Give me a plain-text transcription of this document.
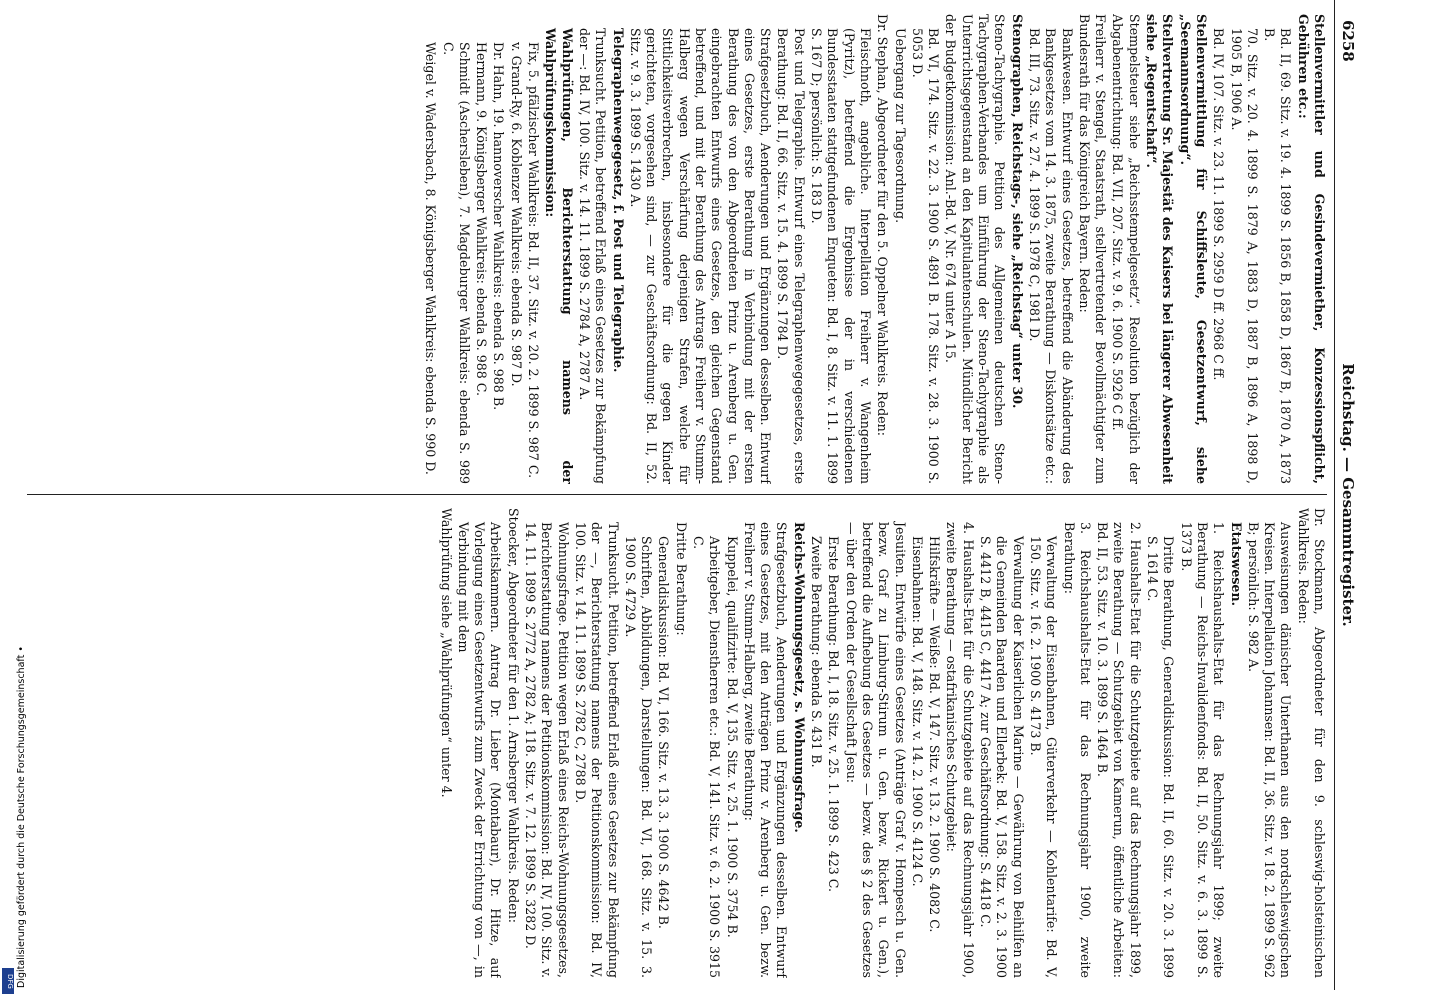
Digitalisierung gefördert durch die Deutsche Forschungsgemeinschaft •
DFG
6258
Reichstag. — Gesammtregister.

Stellenvermittler und Gesindevermiether, Konzessionspflicht, Gebühren etc.:

Bd. II, 69. Sitz. v. 19. 4. 1899 S. 1856 B, 1858 D, 1867 B, 1870 A, 1873 B.

70. Sitz. v. 20. 4. 1899 S. 1879 A, 1883 D, 1887 B, 1896 A, 1898 D, 1905 B, 1906 A.

Bd. IV, 107. Sitz. v. 23. 11. 1899 S. 2959 D ff. 2968 C ff.

Stellenvermittlung für Schiffsleute, Gesetzentwurf, siehe „Seemannsordnung“.

Stellvertretung Sr. Majestät des Kaisers bei längerer Abwesenheit siehe „Regentschaft“.

Stempelsteuer siehe „Reichsstempelgesetz“. Resolution bezüglich der Abgabenentrichtung: Bd. VII, 207. Sitz. v. 9. 6. 1900 S. 5926 C ff.

Freiherr v. Stengel, Staatsrath, stellvertretender Bevollmächtigter zum Bundesrath für das Königreich Bayern. Reden:

Bankwesen. Entwurf eines Gesetzes, betreffend die Abänderung des Bankgesetzes vom 14. 3. 1875, zweite Berathung — Diskontsätze etc.: Bd. III, 73. Sitz. v. 27. 4. 1899 S. 1978 C, 1981 D.

Stenographen, Reichstags-, siehe „Reichstag“ unter 30.

Steno-Tachygraphie. Petition des Allgemeinen deutschen Steno-Tachygraphen-Verbandes um Einführung der Steno-Tachygraphie als Unterrichtsgegenstand an den Kapitulantenschulen. Mündlicher Bericht der Budgetkommission: Anl.-Bd. V, Nr. 674 unter A 15.

Bd. VI, 174. Sitz. v. 22. 3. 1900 S. 4891 B. 178. Sitz. v. 28. 3. 1900 S. 5053 D.

Uebergang zur Tagesordnung.

Dr. Stephan, Abgeordneter für den 5. Oppelner Wahlkreis. Reden:

Fleischnoth, angebliche. Interpellation Freiherr v. Wangenheim (Pyritz), betreffend die Ergebnisse der in verschiedenen Bundesstaaten stattgefundenen Enqueten: Bd. I, 8. Sitz. v. 11. 1. 1899 S. 167 D; persönlich: S. 183 D.

Post und Telegraphie. Entwurf eines Telegraphenwegegesetzes, erste Berathung: Bd. II, 66. Sitz. v. 15. 4. 1899 S. 1784 D.

Strafgesetzbuch, Aenderungen und Ergänzungen desselben. Entwurf eines Gesetzes, erste Berathung in Verbindung mit der ersten Berathung des von den Abgeordneten Prinz u. Arenberg u. Gen. eingebrachten Entwurfs eines Gesetzes, den gleichen Gegenstand betreffend, und mit der Berathung des Antrags Freiherr v. Stumm-Halberg wegen Verschärfung derjenigen Strafen, welche für Sittlichkeitsverbrechen, insbesondere für die gegen Kinder gerichteten, vorgesehen sind, — zur Geschäftsordnung: Bd. II, 52. Sitz. v. 9. 3. 1899 S. 1430 A.

Telegraphenwegegesetz, f. Post und Telegraphie.

Trunksucht. Petition, betreffend Erlaß eines Gesetzes zur Bekämpfung der —: Bd. IV, 100. Sitz. v. 14. 11. 1899 S. 2784 A, 2787 A.

Wahlprüfungen, Berichterstattung namens der Wahlprüfungskommission:

Fix, 5. pfälzischer Wahlkreis: Bd. II, 37. Sitz. v. 20. 2. 1899 S. 987 C.

v. Grand-Ry, 6. Koblenzer Wahlkreis: ebenda S. 987 D.

Dr. Hahn, 19. hannoverscher Wahlkreis: ebenda S. 988 B.

Hermann, 9. Königsberger Wahlkreis: ebenda S. 988 C.

Schmidt (Aschersleben), 7. Magdeburger Wahlkreis: ebenda S. 989 C.

Weigel v. Wadersbach, 8. Königsberger Wahlkreis: ebenda S. 990 D.

Dr. Stockmann, Abgeordneter für den 9. schleswig-holsteinischen Wahlkreis. Reden:

Ausweisungen dänischer Unterthanen aus den nordschleswigschen Kreisen. Interpellation Johannsen: Bd. II, 36. Sitz. v. 18. 2. 1899 S. 962 B; persönlich: S. 982 A.

Etatswesen.

1. Reichshaushalts-Etat für das Rechnungsjahr 1899; zweite Berathung — Reichs-Invalidenfonds: Bd. II, 50. Sitz. v. 6. 3. 1899 S. 1373 B.

Dritte Berathung, Generaldiskussion: Bd. II, 60. Sitz. v. 20. 3. 1899 S. 1614 C.

2. Haushalts-Etat für die Schutzgebiete auf das Rechnungsjahr 1899, zweite Berathung — Schutzgebiet von Kamerun, öffentliche Arbeiten: Bd. II, 53. Sitz. v. 10. 3. 1899 S. 1464 B.

3. Reichshaushalts-Etat für das Rechnungsjahr 1900, zweite Berathung:

Verwaltung der Eisenbahnen, Güterverkehr — Kohlentarife: Bd. V, 150. Sitz. v. 16. 2. 1900 S. 4173 B.

Verwaltung der Kaiserlichen Marine — Gewährung von Beihilfen an die Gemeinden Baarden und Ellerbek: Bd. V, 158. Sitz. v. 2. 3. 1900 S. 4412 B, 4415 C, 4417 A; zur Geschäftsordnung: S. 4418 C.

4. Haushalts-Etat für die Schutzgebiete auf das Rechnungsjahr 1900, zweite Berathung — ostafrikanisches Schutzgebiet:

Hilfskräfte — Weiße: Bd. V, 147. Sitz. v. 13. 2. 1900 S. 4082 C.

Eisenbahnen: Bd. V, 148. Sitz. v. 14. 2. 1900 S. 4124 C.

Jesuiten. Entwürfe eines Gesetzes (Anträge Graf v. Hompesch u. Gen. bezw. Graf zu Limburg-Stirum u. Gen. bezw. Rickert u. Gen.), betreffend die Aufhebung des Gesetzes — bezw. des § 2 des Gesetzes — über den Orden der Gesellschaft Jesu:

Erste Berathung: Bd. I, 18. Sitz. v. 25. 1. 1899 S. 423 C.

Zweite Berathung: ebenda S. 431 B.

Reichs-Wohnungsgesetz, s. Wohnungsfrage.

Strafgesetzbuch, Aenderungen und Ergänzungen desselben. Entwurf eines Gesetzes, mit den Anträgen Prinz v. Arenberg u. Gen. bezw. Freiherr v. Stumm-Halberg, zweite Berathung:

Kuppelei, qualifizirte: Bd. V, 135. Sitz. v. 25. 1. 1900 S. 3754 B.

Arbeitgeber, Dienstherren etc.: Bd. V, 141. Sitz. v. 6. 2. 1900 S. 3915 C.

Dritte Berathung:

Generaldiskussion: Bd. VI, 166. Sitz. v. 13. 3. 1900 S. 4642 B.

Schriften, Abbildungen, Darstellungen: Bd. VI, 168. Sitz. v. 15. 3. 1900 S. 4729 A.

Trunksucht. Petition, betreffend Erlaß eines Gesetzes zur Bekämpfung der —, Berichterstattung namens der Petitionskommission: Bd. IV, 100. Sitz. v. 14. 11. 1899 S. 2782 C, 2788 D.

Wohnungsfrage. Petition wegen Erlaß eines Reichs-Wohnungsgesetzes, Berichterstattung namens der Petitionskommission: Bd. IV, 100. Sitz. v. 14. 11. 1899 S. 2772 A, 2782 A; 118. Sitz. v. 7. 12. 1899 S. 3282 D.

Stoecker, Abgeordneter für den 1. Arnsberger Wahlkreis. Reden:

Arbeitskammern. Antrag Dr. Lieber (Montabaur), Dr. Hitze, auf Vorlegung eines Gesetzentwurfs zum Zweck der Errichtung von —, in Verbindung mit dem

Wahlprüfung siehe „Wahlprüfungen“ unter 4.
